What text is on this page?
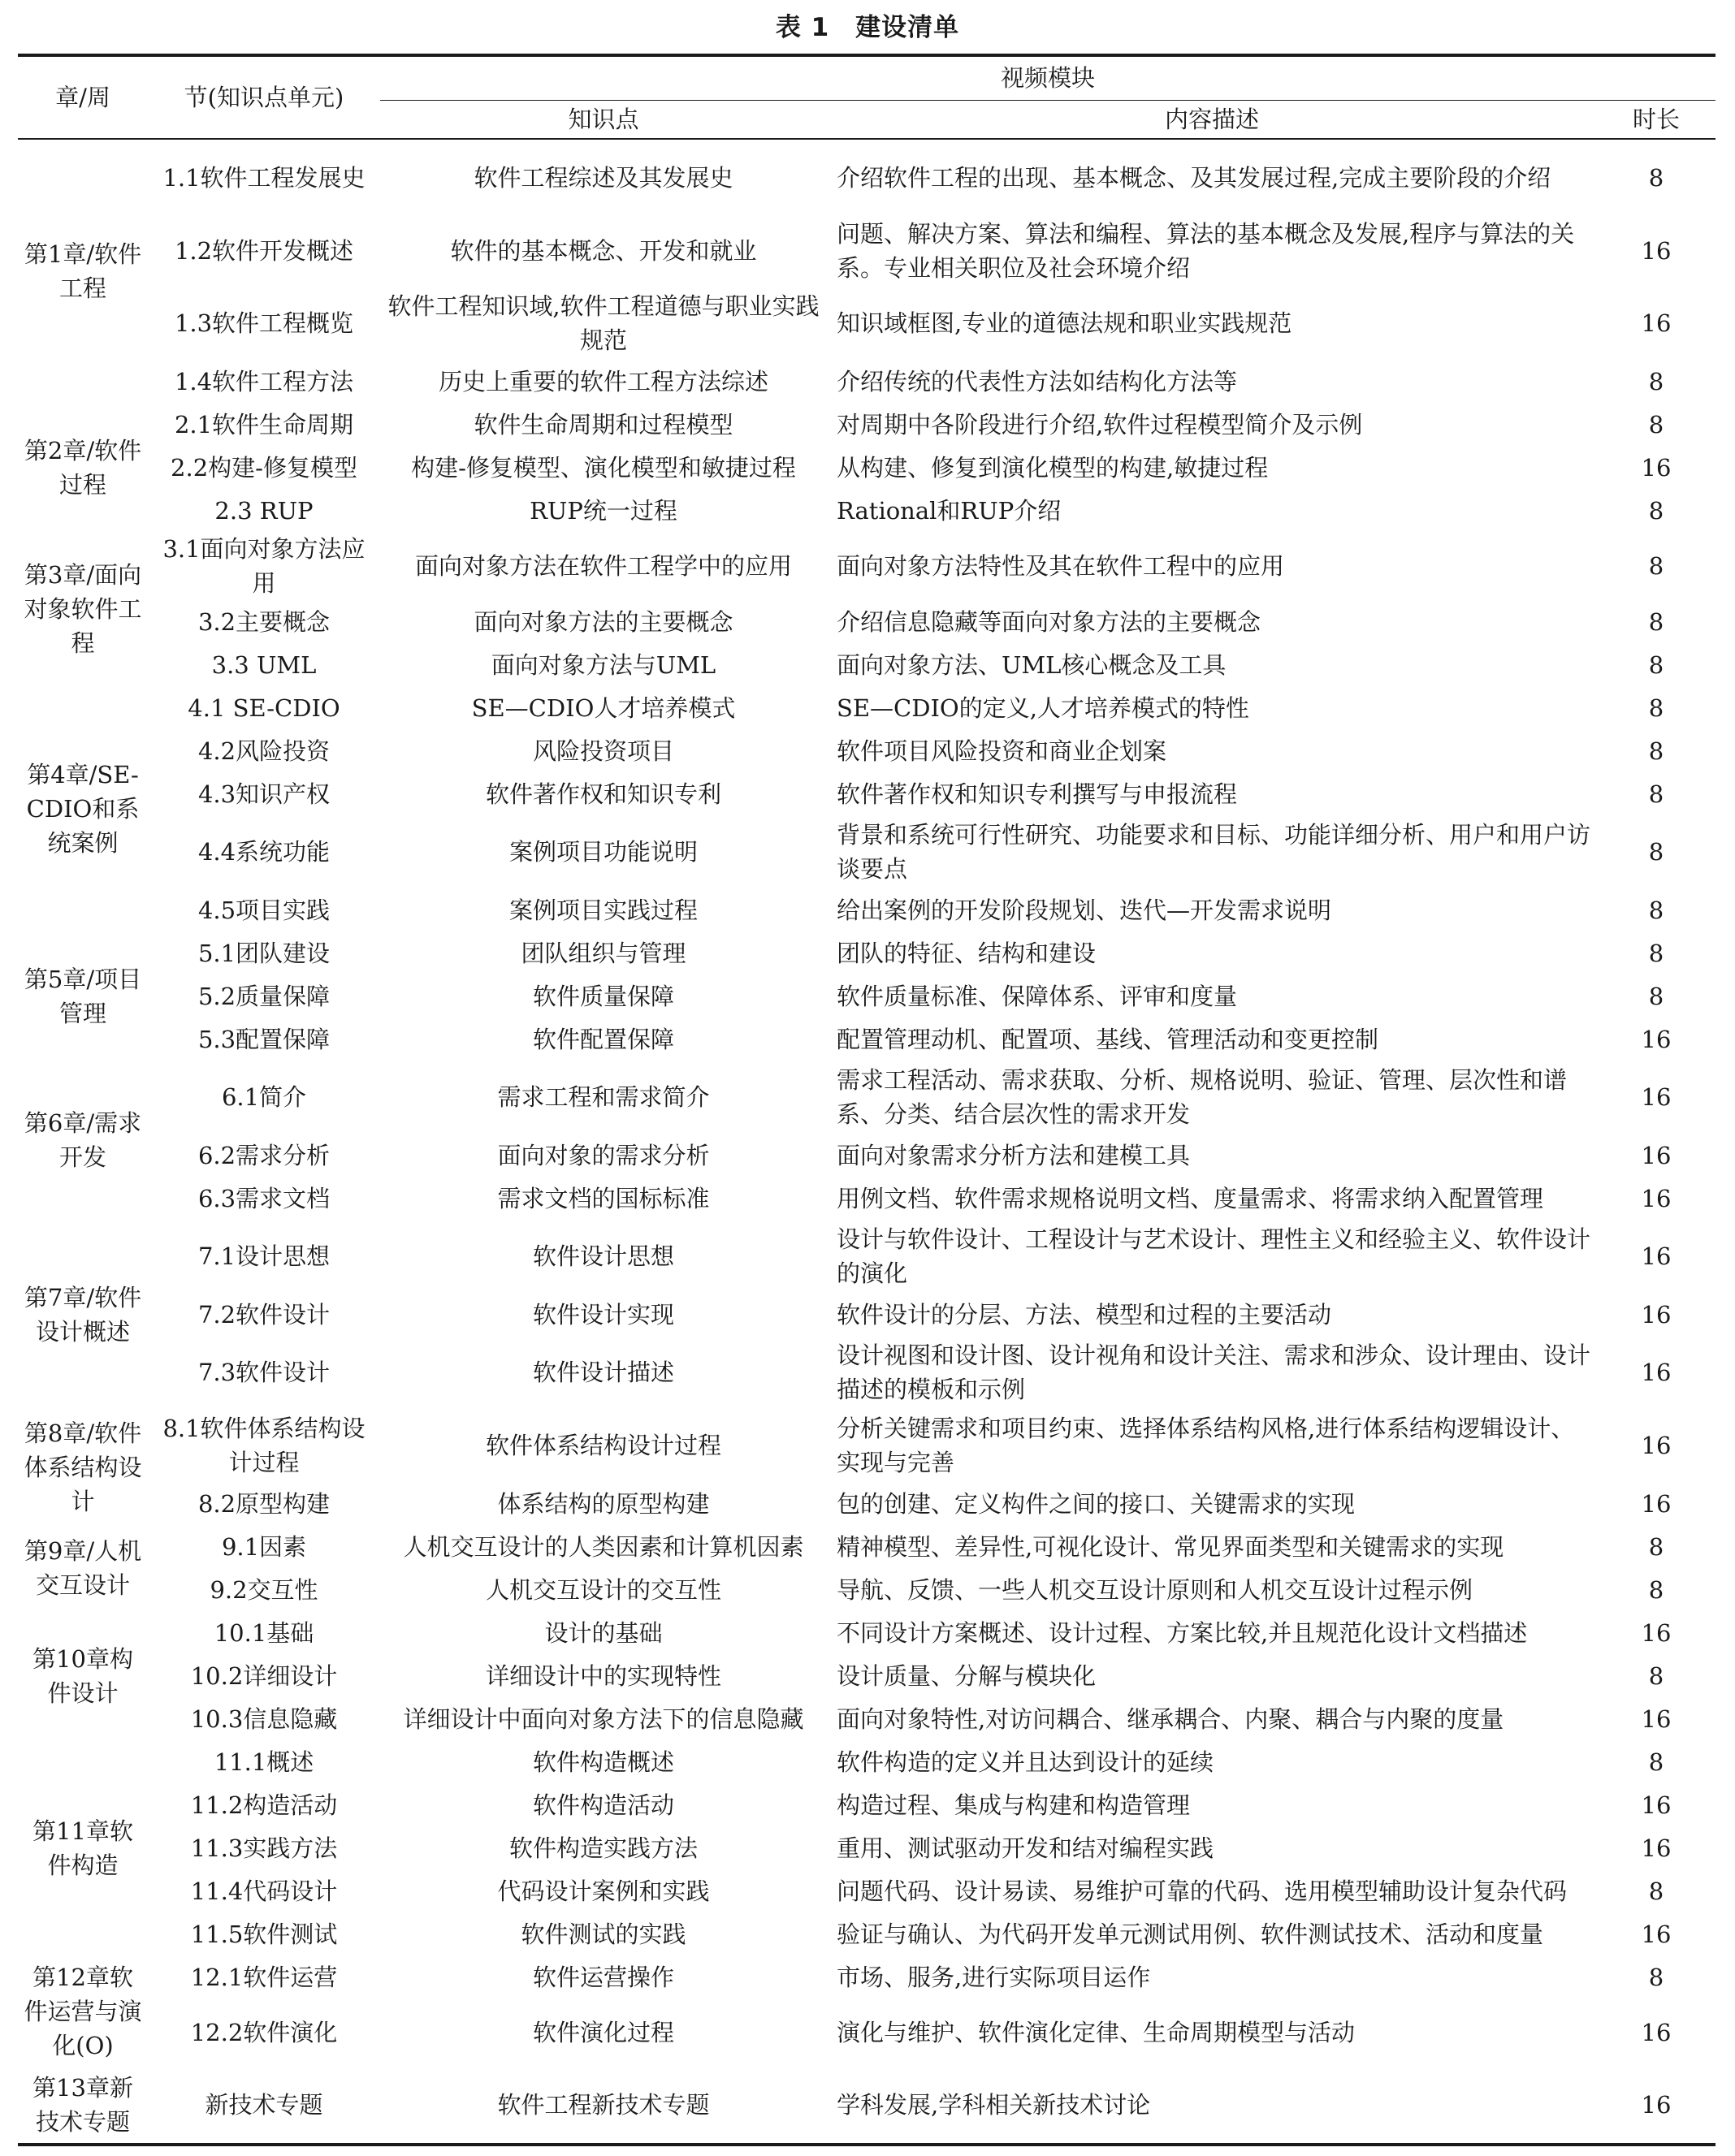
表 1　建设清单
章/周	节(知识点单元)	视频模块		
		知识点	内容描述	时长
第1章/软件工程	1.1软件工程发展史	软件工程综述及其发展史	介绍软件工程的出现、基本概念、及其发展过程,完成主要阶段的介绍	8
	1.2软件开发概述	软件的基本概念、开发和就业	问题、解决方案、算法和编程、算法的基本概念及发展,程序与算法的关系。专业相关职位及社会环境介绍	16
	1.3软件工程概览	软件工程知识域,软件工程道德与职业实践规范	知识域框图,专业的道德法规和职业实践规范	16
	1.4软件工程方法	历史上重要的软件工程方法综述	介绍传统的代表性方法如结构化方法等	8
第2章/软件过程	2.1软件生命周期	软件生命周期和过程模型	对周期中各阶段进行介绍,软件过程模型简介及示例	8
	2.2构建-修复模型	构建-修复模型、演化模型和敏捷过程	从构建、修复到演化模型的构建,敏捷过程	16
	2.3 RUP	RUP统一过程	Rational和RUP介绍	8
第3章/面向对象软件工程	3.1面向对象方法应用	面向对象方法在软件工程学中的应用	面向对象方法特性及其在软件工程中的应用	8
	3.2主要概念	面向对象方法的主要概念	介绍信息隐藏等面向对象方法的主要概念	8
	3.3 UML	面向对象方法与UML	面向对象方法、UML核心概念及工具	8
第4章/SE-CDIO和系统案例	4.1 SE-CDIO	SE—CDIO人才培养模式	SE—CDIO的定义,人才培养模式的特性	8
	4.2风险投资	风险投资项目	软件项目风险投资和商业企划案	8
	4.3知识产权	软件著作权和知识专利	软件著作权和知识专利撰写与申报流程	8
	4.4系统功能	案例项目功能说明	背景和系统可行性研究、功能要求和目标、功能详细分析、用户和用户访谈要点	8
	4.5项目实践	案例项目实践过程	给出案例的开发阶段规划、迭代—开发需求说明	8
第5章/项目管理	5.1团队建设	团队组织与管理	团队的特征、结构和建设	8
	5.2质量保障	软件质量保障	软件质量标准、保障体系、评审和度量	8
	5.3配置保障	软件配置保障	配置管理动机、配置项、基线、管理活动和变更控制	16
第6章/需求开发	6.1简介	需求工程和需求简介	需求工程活动、需求获取、分析、规格说明、验证、管理、层次性和谱系、分类、结合层次性的需求开发	16
	6.2需求分析	面向对象的需求分析	面向对象需求分析方法和建模工具	16
	6.3需求文档	需求文档的国标标准	用例文档、软件需求规格说明文档、度量需求、将需求纳入配置管理	16
第7章/软件设计概述	7.1设计思想	软件设计思想	设计与软件设计、工程设计与艺术设计、理性主义和经验主义、软件设计的演化	16
	7.2软件设计	软件设计实现	软件设计的分层、方法、模型和过程的主要活动	16
	7.3软件设计	软件设计描述	设计视图和设计图、设计视角和设计关注、需求和涉众、设计理由、设计描述的模板和示例	16
第8章/软件体系结构设计	8.1软件体系结构设计过程	软件体系结构设计过程	分析关键需求和项目约束、选择体系结构风格,进行体系结构逻辑设计、实现与完善	16
	8.2原型构建	体系结构的原型构建	包的创建、定义构件之间的接口、关键需求的实现	16
第9章/人机交互设计	9.1因素	人机交互设计的人类因素和计算机因素	精神模型、差异性,可视化设计、常见界面类型和关键需求的实现	8
	9.2交互性	人机交互设计的交互性	导航、反馈、一些人机交互设计原则和人机交互设计过程示例	8
第10章构件设计	10.1基础	设计的基础	不同设计方案概述、设计过程、方案比较,并且规范化设计文档描述	16
	10.2详细设计	详细设计中的实现特性	设计质量、分解与模块化	8
	10.3信息隐藏	详细设计中面向对象方法下的信息隐藏	面向对象特性,对访问耦合、继承耦合、内聚、耦合与内聚的度量	16
第11章软件构造	11.1概述	软件构造概述	软件构造的定义并且达到设计的延续	8
	11.2构造活动	软件构造活动	构造过程、集成与构建和构造管理	16
	11.3实践方法	软件构造实践方法	重用、测试驱动开发和结对编程实践	16
	11.4代码设计	代码设计案例和实践	问题代码、设计易读、易维护可靠的代码、选用模型辅助设计复杂代码	8
	11.5软件测试	软件测试的实践	验证与确认、为代码开发单元测试用例、软件测试技术、活动和度量	16
第12章软件运营与演化(O)	12.1软件运营	软件运营操作	市场、服务,进行实际项目运作	8
	12.2软件演化	软件演化过程	演化与维护、软件演化定律、生命周期模型与活动	16
第13章新技术专题	新技术专题	软件工程新技术专题	学科发展,学科相关新技术讨论	16
